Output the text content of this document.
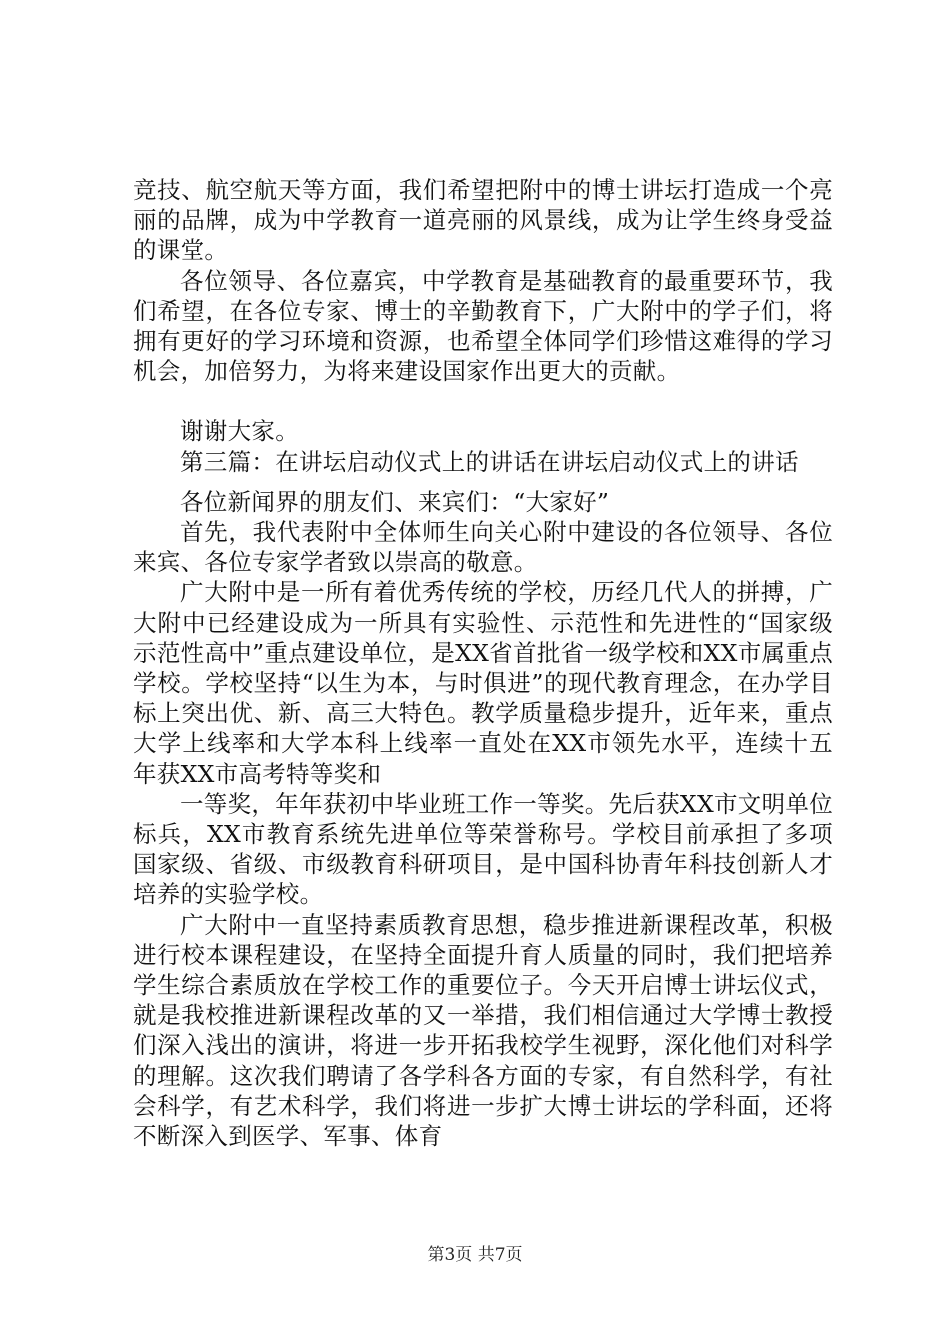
竞技、航空航天等方面，我们希望把附中的博士讲坛打造成一个亮丽的品牌，成为中学教育一道亮丽的风景线，成为让学生终身受益的课堂。

各位领导、各位嘉宾，中学教育是基础教育的最重要环节，我们希望，在各位专家、博士的辛勤教育下，广大附中的学子们，将拥有更好的学习环境和资源，也希望全体同学们珍惜这难得的学习机会，加倍努力，为将来建设国家作出更大的贡献。

谢谢大家。

第三篇：在讲坛启动仪式上的讲话在讲坛启动仪式上的讲话

各位新闻界的朋友们、来宾们：“大家好”

首先，我代表附中全体师生向关心附中建设的各位领导、各位来宾、各位专家学者致以崇高的敬意。

广大附中是一所有着优秀传统的学校，历经几代人的拼搏，广大附中已经建设成为一所具有实验性、示范性和先进性的“国家级示范性高中”重点建设单位，是XX省首批省一级学校和XX市属重点学校。学校坚持“以生为本，与时俱进”的现代教育理念，在办学目标上突出优、新、高三大特色。教学质量稳步提升，近年来，重点大学上线率和大学本科上线率一直处在XX市领先水平，连续十五年获XX市高考特等奖和

一等奖，年年获初中毕业班工作一等奖。先后获XX市文明单位标兵，XX市教育系统先进单位等荣誉称号。学校目前承担了多项国家级、省级、市级教育科研项目，是中国科协青年科技创新人才培养的实验学校。

广大附中一直坚持素质教育思想，稳步推进新课程改革，积极进行校本课程建设，在坚持全面提升育人质量的同时，我们把培养学生综合素质放在学校工作的重要位子。今天开启博士讲坛仪式，就是我校推进新课程改革的又一举措，我们相信通过大学博士教授们深入浅出的演讲，将进一步开拓我校学生视野，深化他们对科学的理解。这次我们聘请了各学科各方面的专家，有自然科学，有社会科学，有艺术科学，我们将进一步扩大博士讲坛的学科面，还将不断深入到医学、军事、体育

第3页 共7页
